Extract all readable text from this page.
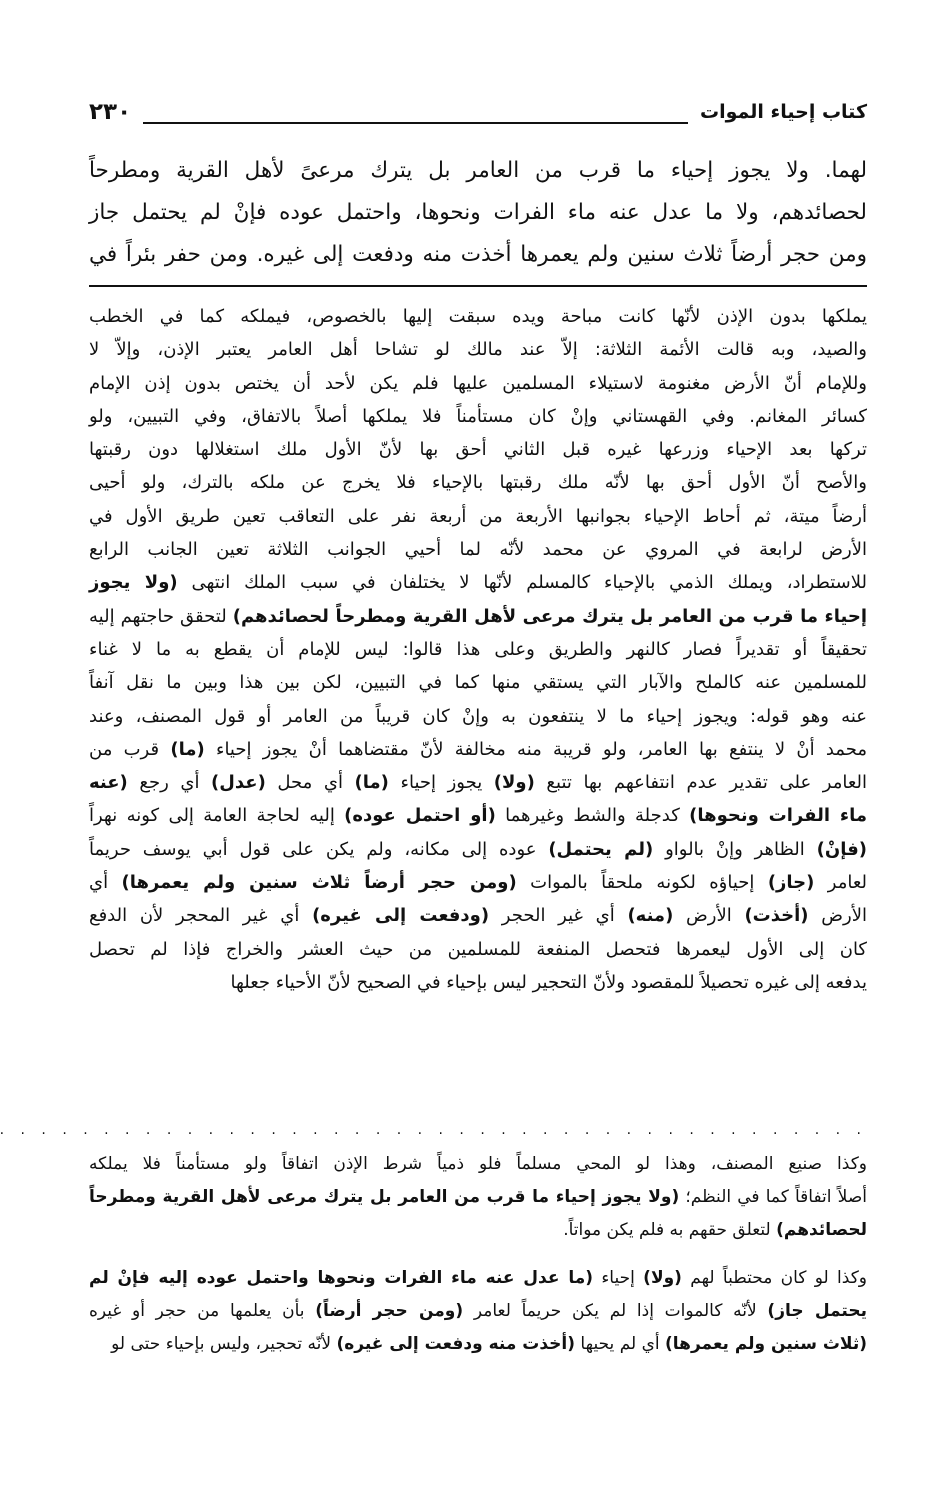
كتاب إحياء الموات
٢٣٠
لهما. ولا يجوز إحياء ما قرب من العامر بل يترك مرعىً لأهل القرية ومطرحاً
لحصائدهم، ولا ما عدل عنه ماء الفرات ونحوها، واحتمل عوده فإنْ لم يحتمل جاز
ومن حجر أرضاً ثلاث سنين ولم يعمرها أخذت منه ودفعت إلى غيره. ومن حفر بئراً في
يملكها بدون الإذن لأنّها كانت مباحة ويده سبقت إليها بالخصوص، فيملكه كما في الخطب
والصيد، وبه قالت الأئمة الثلاثة: إلاّ عند مالك لو تشاحا أهل العامر يعتبر الإذن، وإلاّ لا
وللإمام أنّ الأرض مغنومة لاستيلاء المسلمين عليها فلم يكن لأحد أن يختص بدون إذن الإمام
كسائر المغانم. وفي القهستاني وإنْ كان مستأمناً فلا يملكها أصلاً بالاتفاق، وفي التبيين، ولو
تركها بعد الإحياء وزرعها غيره قبل الثاني أحق بها لأنّ الأول ملك استغلالها دون رقبتها
والأصح أنّ الأول أحق بها لأنّه ملك رقبتها بالإحياء فلا يخرج عن ملكه بالترك، ولو أحيى
أرضاً ميتة، ثم أحاط الإحياء بجوانبها الأربعة من أربعة نفر على التعاقب تعين طريق الأول في
الأرض لرابعة في المروي عن محمد لأنّه لما أحيي الجوانب الثلاثة تعين الجانب الرابع
للاستطراد، ويملك الذمي بالإحياء كالمسلم لأنّها لا يختلفان في سبب الملك انتهى (ولا يجوز
إحياء ما قرب من العامر بل يترك مرعى لأهل القرية ومطرحاً لحصائدهم) لتحقق حاجتهم إليه
تحقيقاً أو تقديراً فصار كالنهر والطريق وعلى هذا قالوا: ليس للإمام أن يقطع به ما لا غناء
للمسلمين عنه كالملح والآبار التي يستقي منها كما في التبيين، لكن بين هذا وبين ما نقل آنفاً
عنه وهو قوله: ويجوز إحياء ما لا ينتفعون به وإنْ كان قريباً من العامر أو قول المصنف، وعند
محمد أنْ لا ينتفع بها العامر، ولو قريبة منه مخالفة لأنّ مقتضاهما أنْ يجوز إحياء (ما) قرب من
العامر على تقدير عدم انتفاعهم بها تتبع (ولا) يجوز إحياء (ما) أي محل (عدل) أي رجع (عنه
ماء الفرات ونحوها) كدجلة والشط وغيرهما (أو احتمل عوده) إليه لحاجة العامة إلى كونه نهراً
(فإنْ) الظاهر وإنْ بالواو (لم يحتمل) عوده إلى مكانه، ولم يكن على قول أبي يوسف حريماً
لعامر (جاز) إحياؤه لكونه ملحقاً بالموات (ومن حجر أرضاً ثلاث سنين ولم يعمرها) أي
الأرض (أخذت) الأرض (منه) أي غير الحجر (ودفعت إلى غيره) أي غير المحجر لأن الدفع
كان إلى الأول ليعمرها فتحصل المنفعة للمسلمين من حيث العشر والخراج فإذا لم تحصل
يدفعه إلى غيره تحصيلاً للمقصود ولأنّ التحجير ليس بإحياء في الصحيح لأنّ الأحياء جعلها
. . . . . . . . . . . . . . . . . . . . . . . . . . . . . . . . . . . . . . . . . .
وكذا صنيع المصنف، وهذا لو المحي مسلماً فلو ذمياً شرط الإذن اتفاقاً ولو مستأمناً فلا يملكه
أصلاً اتفاقاً كما في النظم؛ (ولا يجوز إحياء ما قرب من العامر بل يترك مرعى لأهل القرية ومطرحاً
لحصائدهم) لتعلق حقهم به فلم يكن مواتاً.
وكذا لو كان محتطباً لهم (ولا) إحياء (ما عدل عنه ماء الفرات ونحوها واحتمل عوده إليه فإنْ لم
يحتمل جاز) لأنّه كالموات إذا لم يكن حريماً لعامر (ومن حجر أرضاً) بأن يعلمها من حجر أو غيره
(ثلاث سنين ولم يعمرها) أي لم يحيها (أخذت منه ودفعت إلى غيره) لأنّه تحجير، وليس بإحياء حتى لو
